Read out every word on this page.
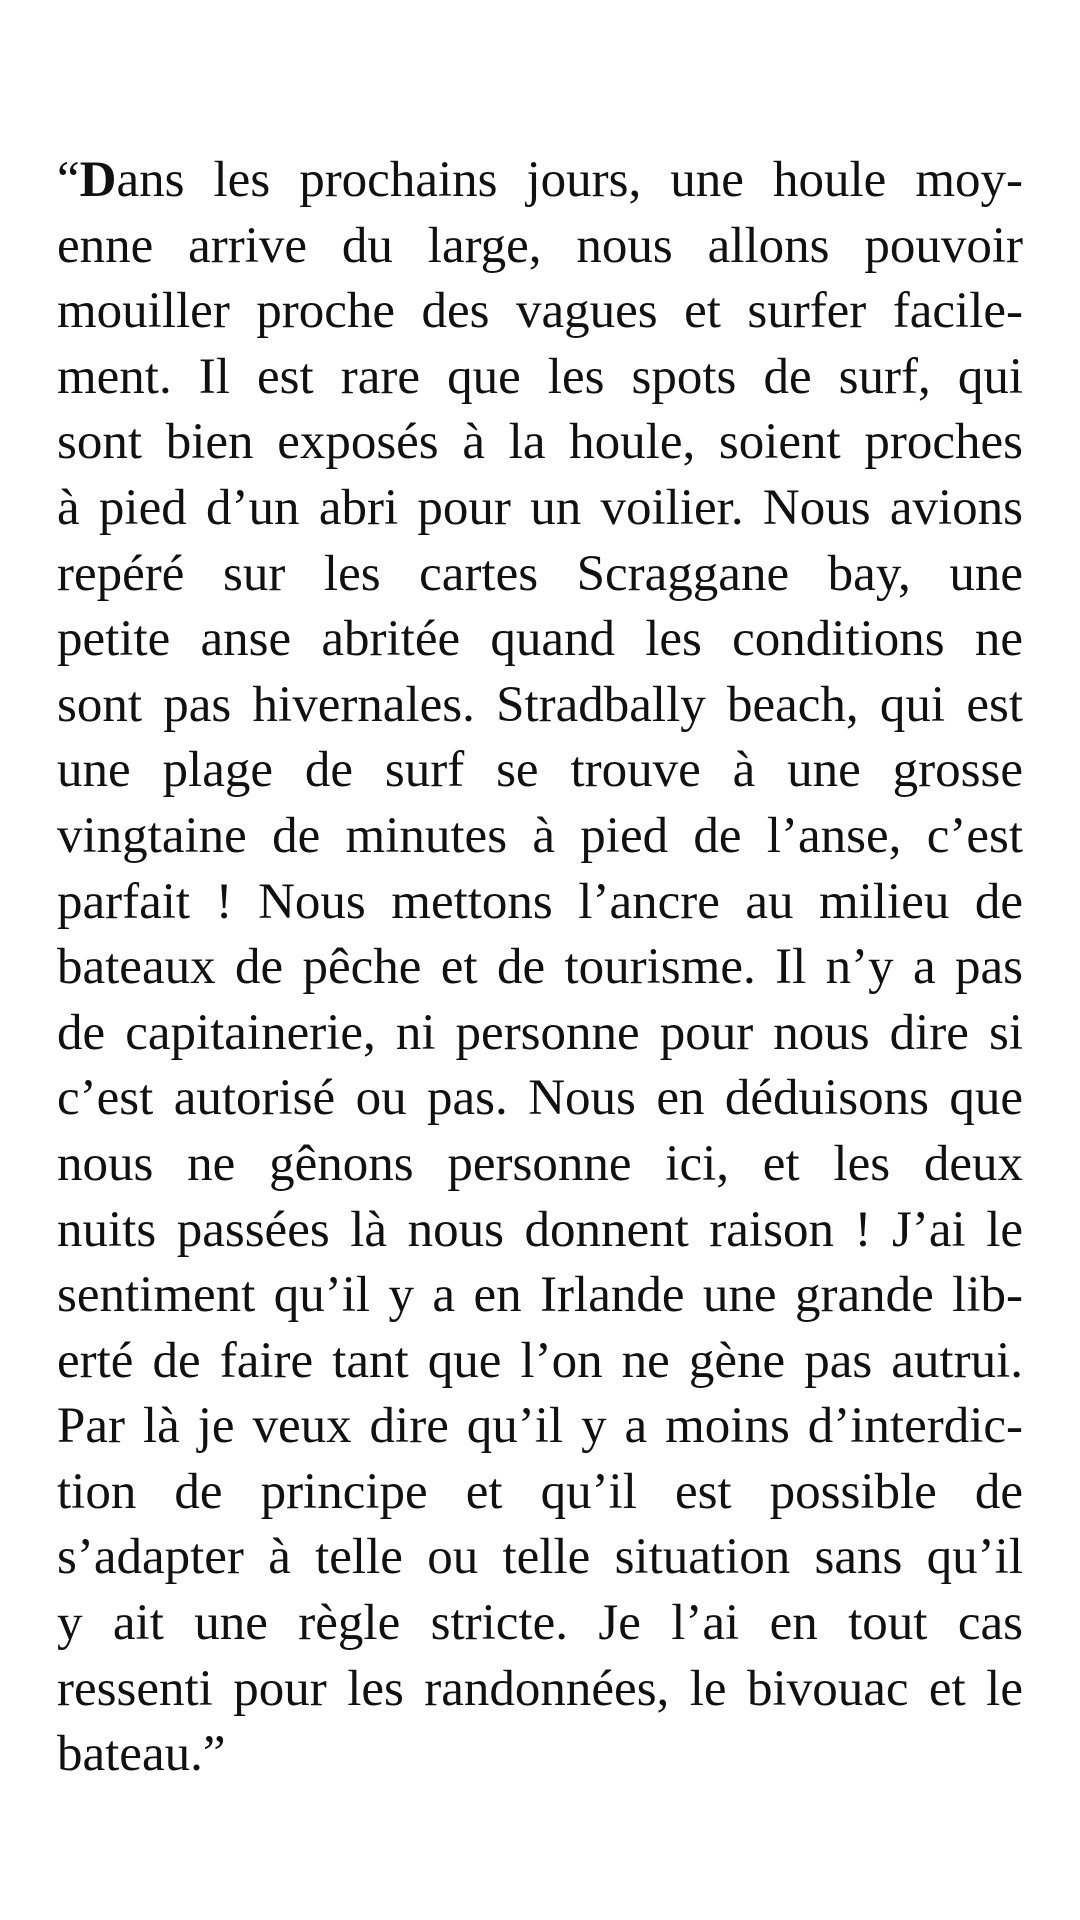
“Dans les prochains jours, une houle moy-
enne arrive du large, nous allons pouvoir
mouiller proche des vagues et surfer facile-
ment. Il est rare que les spots de surf, qui
sont bien exposés à la houle, soient proches
à pied d’un abri pour un voilier. Nous avions
repéré sur les cartes Scraggane bay, une
petite anse abritée quand les conditions ne
sont pas hivernales. Stradbally beach, qui est
une plage de surf se trouve à une grosse
vingtaine de minutes à pied de l’anse, c’est
parfait ! Nous mettons l’ancre au milieu de
bateaux de pêche et de tourisme. Il n’y a pas
de capitainerie, ni personne pour nous dire si
c’est autorisé ou pas. Nous en déduisons que
nous ne gênons personne ici, et les deux
nuits passées là nous donnent raison ! J’ai le
sentiment qu’il y a en Irlande une grande lib-
erté de faire tant que l’on ne gène pas autrui.
Par là je veux dire qu’il y a moins d’interdic-
tion de principe et qu’il est possible de
s’adapter à telle ou telle situation sans qu’il
y ait une règle stricte. Je l’ai en tout cas
ressenti pour les randonnées, le bivouac et le
bateau.”
